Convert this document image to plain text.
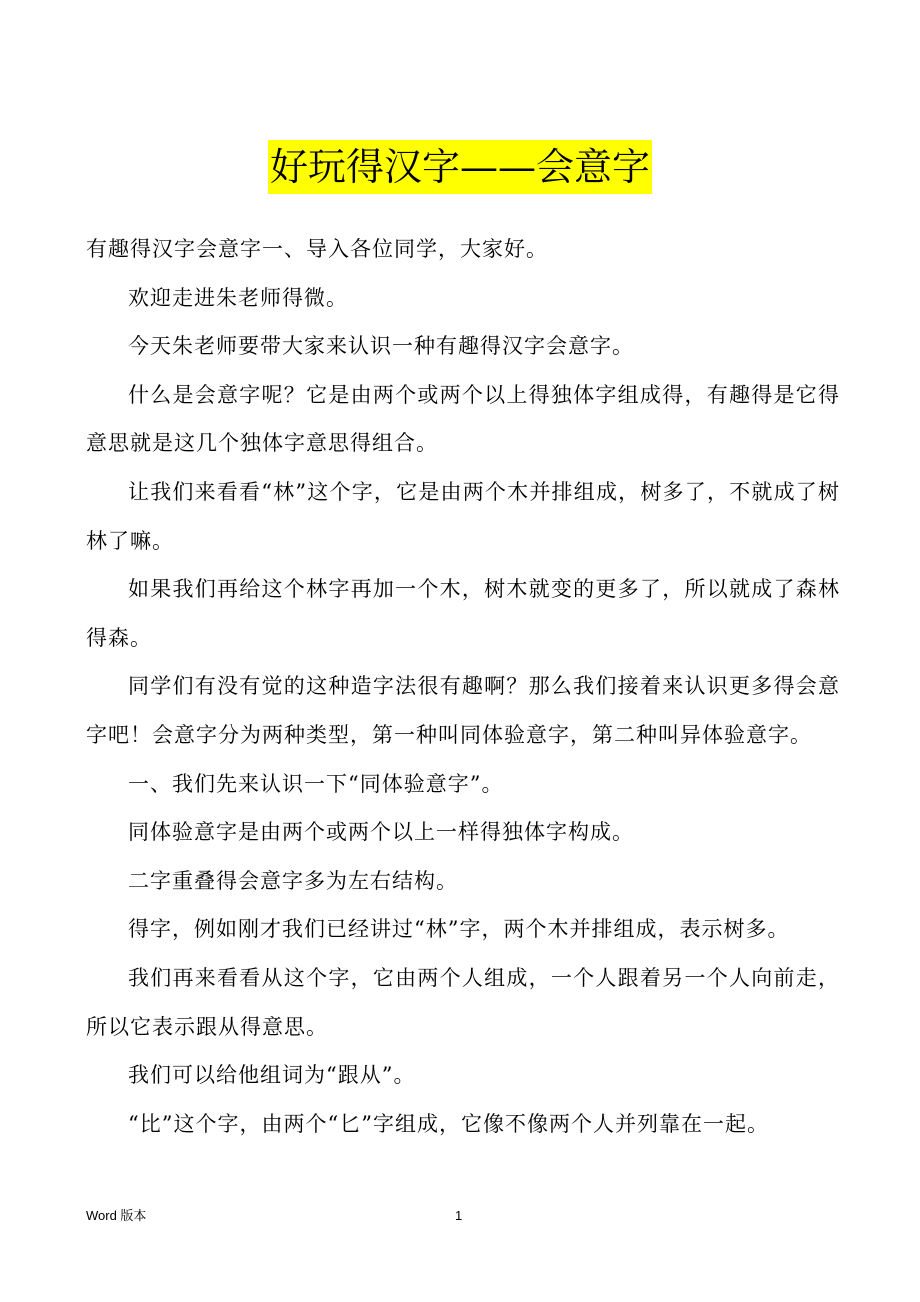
好玩得汉字——会意字

有趣得汉字会意字一、导入各位同学，大家好。

欢迎走进朱老师得微。

今天朱老师要带大家来认识一种有趣得汉字会意字。

什么是会意字呢？它是由两个或两个以上得独体字组成得，有趣得是它得意思就是这几个独体字意思得组合。

让我们来看看“林”这个字，它是由两个木并排组成，树多了，不就成了树林了嘛。

如果我们再给这个林字再加一个木，树木就变的更多了，所以就成了森林得森。

同学们有没有觉的这种造字法很有趣啊？那么我们接着来认识更多得会意字吧！会意字分为两种类型，第一种叫同体验意字，第二种叫异体验意字。

一、我们先来认识一下“同体验意字”。

同体验意字是由两个或两个以上一样得独体字构成。

二字重叠得会意字多为左右结构。

得字，例如刚才我们已经讲过“林”字，两个木并排组成，表示树多。

我们再来看看从这个字，它由两个人组成，一个人跟着另一个人向前走，所以它表示跟从得意思。

我们可以给他组词为“跟从”。

“比”这个字，由两个“匕”字组成，它像不像两个人并列靠在一起。

Word 版本	1
